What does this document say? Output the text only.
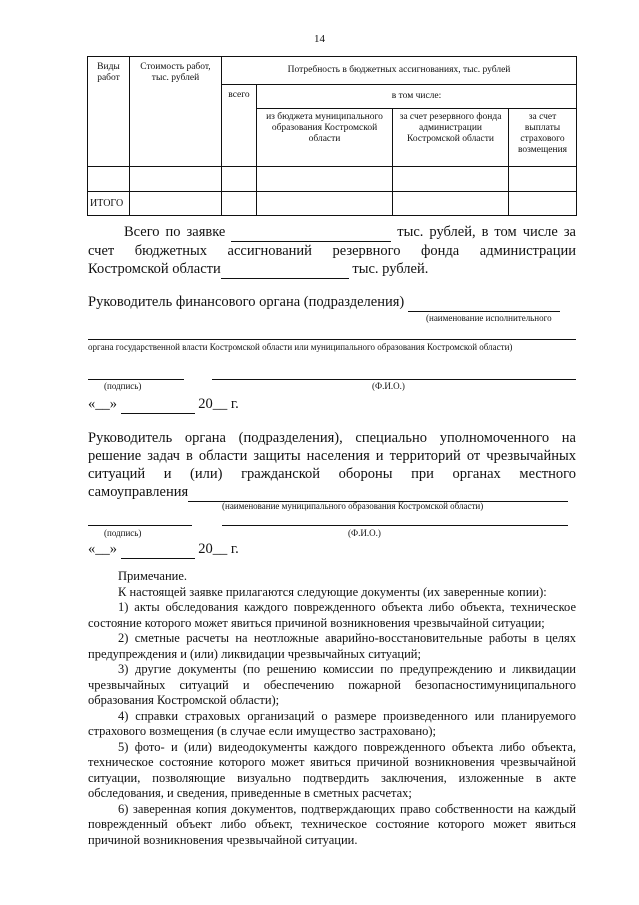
14
Виды работ	Стоимость работ, тыс. рублей	Потребность в бюджетных ассигнованиях, тыс. рублей			
		всего	в том числе:		
			из бюджета муниципального образования Костромской области	за счет резервного фонда администрации Костромской области	за счет выплаты страхового возмещения

ИТОГО					
Всего по заявке	тыс. рублей, в том числе за
счет бюджетных ассигнований резервного фонда администрации
Костромской области	тыс. рублей.
Руководитель финансового органа (подразделения)
(наименование исполнительного
органа государственной власти Костромской области или муниципального образования Костромской области)
(подпись)	(Ф.И.О.)
«__»	20__ г.
Руководитель органа (подразделения), специально уполномоченного на
решение задач в области защиты населения и территорий от чрезвычайных
ситуаций и (или) гражданской обороны при органах местного
самоуправления
(наименование муниципального образования Костромской области)
(подпись)	(Ф.И.О.)
«__»	20__ г.
Примечание.
К настоящей заявке прилагаются следующие документы (их заверенные копии):
1) акты обследования каждого поврежденного объекта либо объекта, техническое состояние которого может явиться причиной возникновения чрезвычайной ситуации;
2) сметные расчеты на неотложные аварийно-восстановительные работы в целях предупреждения и (или) ликвидации чрезвычайных ситуаций;
3) другие документы (по решению комиссии по предупреждению и ликвидации чрезвычайных ситуаций и обеспечению пожарной безопасностимуниципального образования Костромской области);
4) справки страховых организаций о размере произведенного или планируемого страхового возмещения (в случае если имущество застраховано);
5) фото- и (или) видеодокументы каждого поврежденного объекта либо объекта, техническое состояние которого может явиться причиной возникновения чрезвычайной ситуации, позволяющие визуально подтвердить заключения, изложенные в акте обследования, и сведения, приведенные в сметных расчетах;
6) заверенная копия документов, подтверждающих право собственности на каждый поврежденный объект либо объект, техническое состояние которого может явиться причиной возникновения чрезвычайной ситуации.
